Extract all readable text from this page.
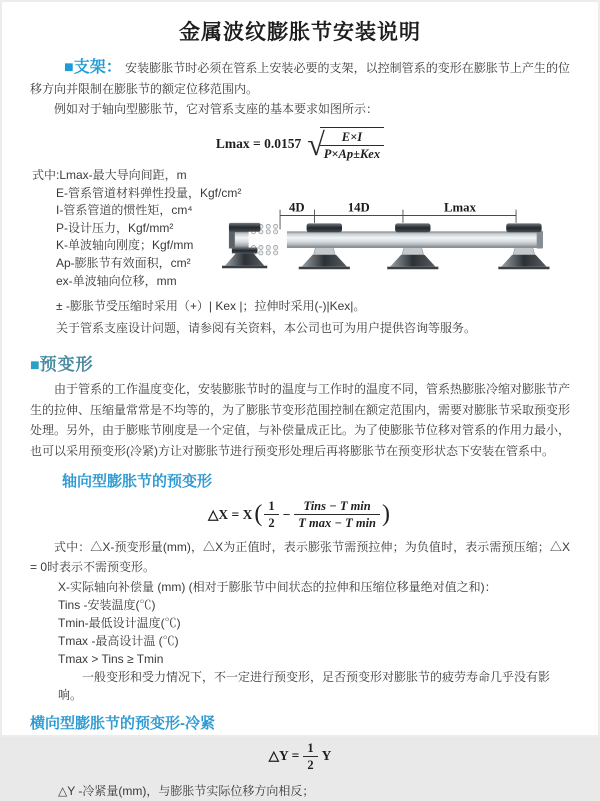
金属波纹膨胀节安装说明

■支架： 安装膨胀节时必须在管系上安装必要的支架，以控制管系的变形在膨胀节上产生的位移方向并限制在膨胀节的额定位移范围内。

例如对于轴向型膨胀节，它对管系支座的基本要求如图所示：

Lmax = 0.0157 √
$\frac{E\times I}{\text{P×Ap±Kex}}$
式中:Lmax-最大导向间距，m
E-管系管道材料弹性投量，Kgf/cm²
I-管系管道的惯性矩，cm⁴
P-设计压力，Kgf/mm²
K-单波轴向刚度；Kgf/mm
Ap-膨胀节有效面积，cm²
ex-单波轴向位移，mm
4D	14D	Lmax

± -膨胀节受压缩时采用（+）| Kex |；拉伸时采用(-)|Kex|。

关于管系支座设计问题，请参阅有关资料，本公司也可为用户提供咨询等服务。

■预变形

由于管系的工作温度变化，安装膨胀节时的温度与工作时的温度不同，管系热膨胀冷缩对膨胀节产生的拉伸、压缩量常常是不均等的，为了膨胀节变形范围控制在额定范围内，需要对膨胀节采取预变形处理。另外，由于膨账节刚度是一个定值，与补偿量成正比。为了使膨胀节位移对管系的作用力最小，也可以采用预变形(冷紧)方让对膨胀节进行预变形处理后再将膨胀节在预变形状态下安装在管系中。

轴向型膨胀节的预变形
△X = X ( $\frac{1}{2} - \frac{\text{Tins − T min}}{\text{T max − T min}}$ )

式中：△X-预变形量(mm)，△X为正值时，表示膨张节需预拉伸；为负值时，表示需预压缩；△X = 0时表示不需预变形。

X-实际轴向补偿量 (mm) (相对于膨胀节中间状态的拉伸和压缩位移量绝对值之和)：
Tins -安装温度(℃)
Tmin-最低设计温度(℃)
Tmax -最高设计温 (℃)
Tmax > Tins ≥ Tmin
一般变形和受力情况下，不一定进行预变形，足否预变形对膨胀节的疲劳寿命几乎没有影响。
横向型膨胀节的预变形-冷紧
△Y = $\frac{1}{2}$ Y

△Y -冷紧量(mm)，与膨胀节实际位移方向相反；
